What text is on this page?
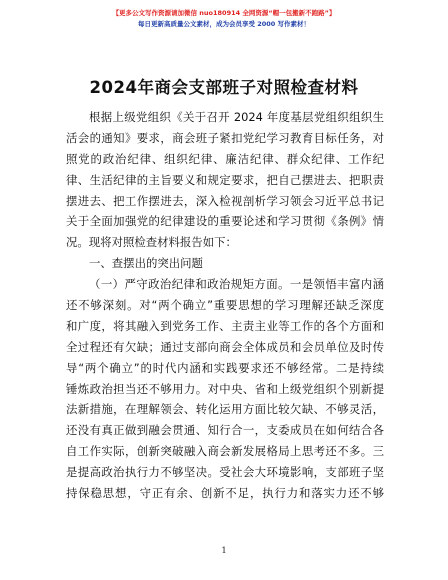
【更多公文写作资源请加微信 nuo180914 全网资源“帽一包搬新不跑路”】
每日更新高质量公文素材，成为会员享受 2000 写作素材！
2024年商会支部班子对照检查材料
根据上级党组织《关于召开 2024 年度基层党组织组织生
活会的通知》要求，商会班子紧扣党纪学习教育目标任务，对
照党的政治纪律、组织纪律、廉洁纪律、群众纪律、工作纪
律、生活纪律的主旨要义和规定要求，把自己摆进去、把职责
摆进去、把工作摆进去，深入检视剖析学习领会习近平总书记
关于全面加强党的纪律建设的重要论述和学习贯彻《条例》情
况。现将对照检查材料报告如下：
一、查摆出的突出问题
（一）严守政治纪律和政治规矩方面。一是领悟丰富内涵
还不够深刻。对“两个确立”重要思想的学习理解还缺乏深度
和广度，将其融入到党务工作、主责主业等工作的各个方面和
全过程还有欠缺；通过支部向商会全体成员和会员单位及时传
导“两个确立”的时代内涵和实践要求还不够经常。二是持续
锤炼政治担当还不够用力。对中央、省和上级党组织个别新提
法新措施，在理解领会、转化运用方面比较欠缺、不够灵活，
还没有真正做到融会贯通、知行合一，支委成员在如何结合各
自工作实际，创新突破融入商会新发展格局上思考还不多。三
是提高政治执行力不够坚决。受社会大环境影响，支部班子坚
持保稳思想，守正有余、创新不足，执行力和落实力还不够
1
